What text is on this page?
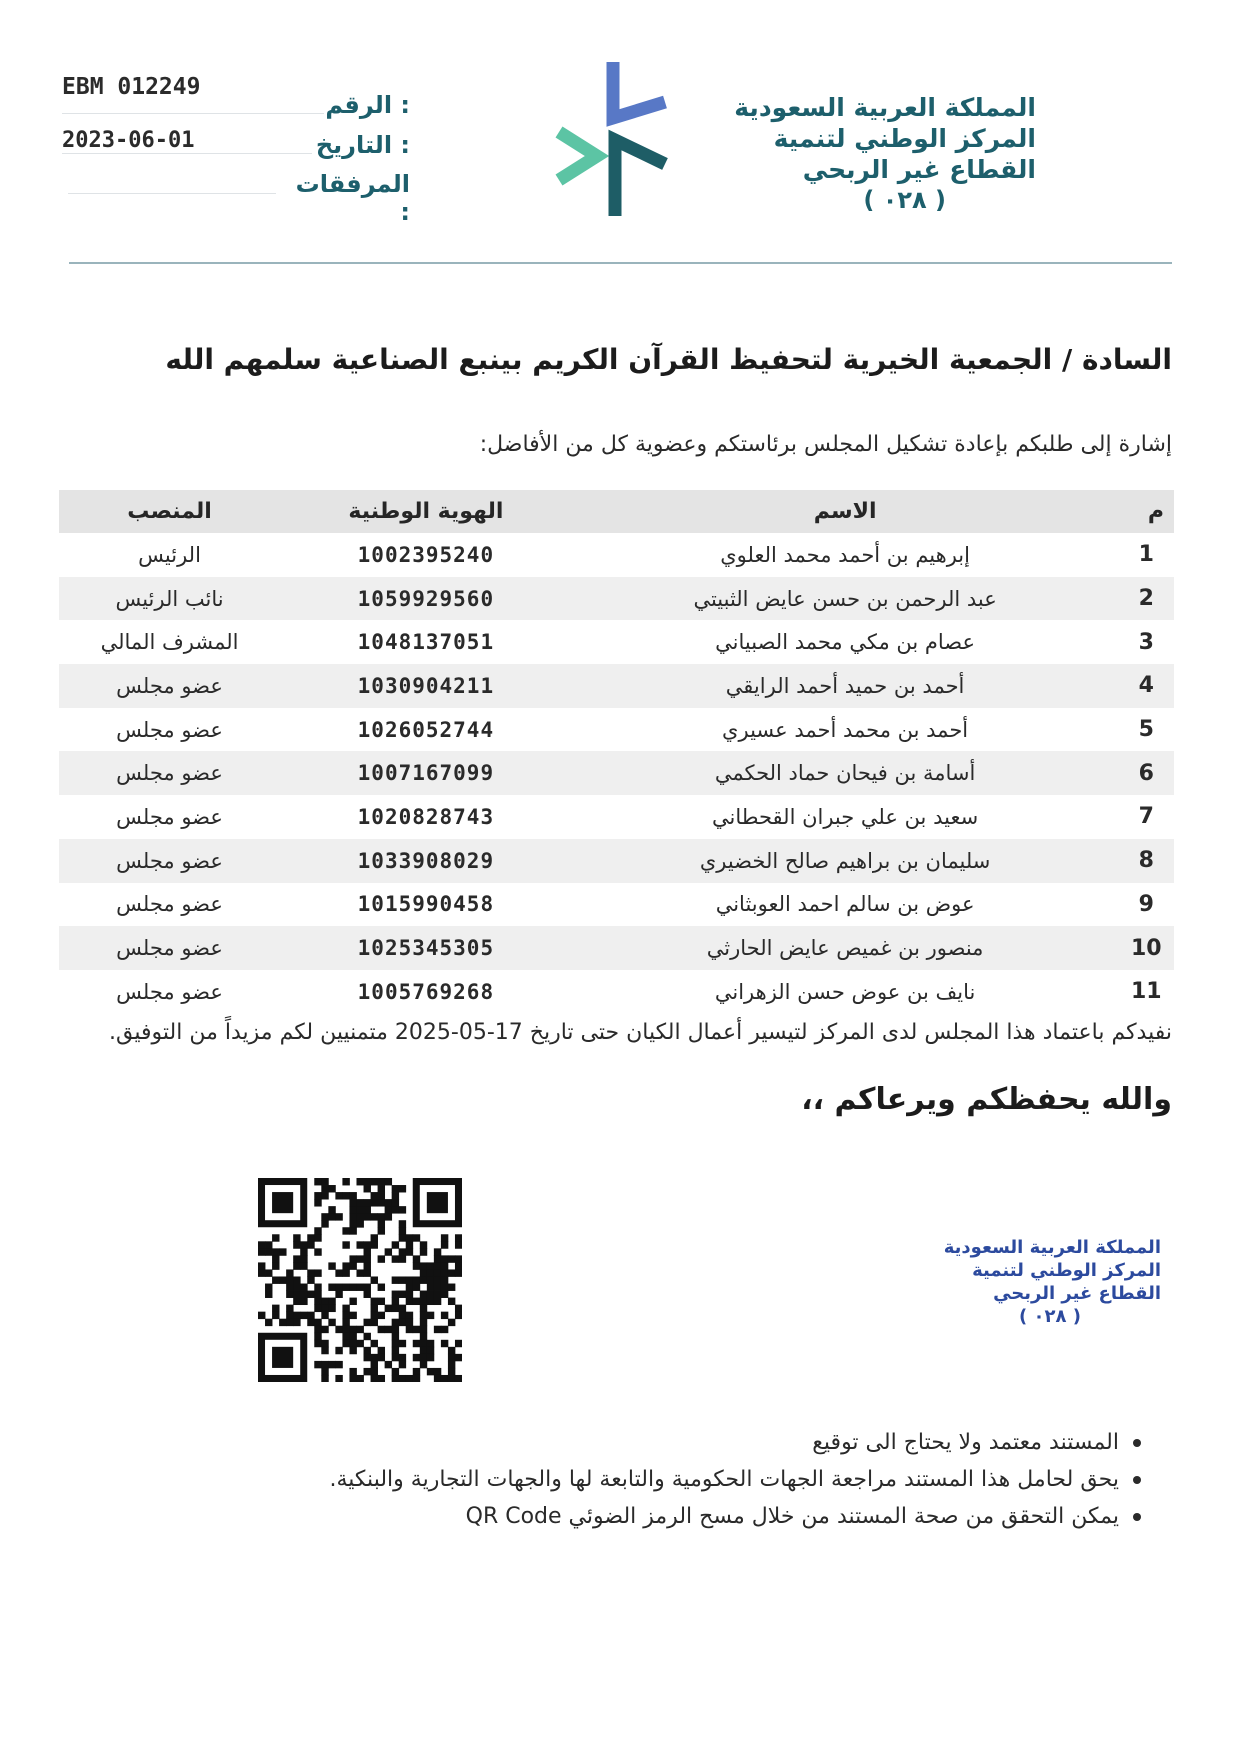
المملكة العربية السعودية
المركز الوطني لتنمية
القطاع غير الربحي
( ٠٢٨ )
EBM 012249
الرقم :
2023-06-01	التاريخ :
المرفقات :
السادة / الجمعية الخيرية لتحفيظ القرآن الكريم بينبع الصناعية سلمهم الله
إشارة إلى طلبكم بإعادة تشكيل المجلس برئاستكم وعضوية كل من الأفاضل:
م	الاسم	الهوية الوطنية	المنصب
1	إبرهيم بن أحمد محمد العلوي	1002395240	الرئيس
2	عبد الرحمن بن حسن عايض الثبيتي	1059929560	نائب الرئيس
3	عصام بن مكي محمد الصبياني	1048137051	المشرف المالي
4	أحمد بن حميد أحمد الرايقي	1030904211	عضو مجلس
5	أحمد بن محمد أحمد عسيري	1026052744	عضو مجلس
6	أسامة بن فيحان حماد الحكمي	1007167099	عضو مجلس
7	سعيد بن علي جبران القحطاني	1020828743	عضو مجلس
8	سليمان بن براهيم صالح الخضيري	1033908029	عضو مجلس
9	عوض بن سالم احمد العوبثاني	1015990458	عضو مجلس
10	منصور بن غميص عايض الحارثي	1025345305	عضو مجلس
11	نايف بن عوض حسن الزهراني	1005769268	عضو مجلس
نفيدكم باعتماد هذا المجلس لدى المركز لتيسير أعمال الكيان حتى تاريخ 17-05-2025 متمنيين لكم مزيداً من التوفيق.
والله يحفظكم ويرعاكم ،،
المملكة العربية السعودية
المركز الوطني لتنمية
القطاع غير الربحي
( ٠٢٨ )
المستند معتمد ولا يحتاج الى توقيع
يحق لحامل هذا المستند مراجعة الجهات الحكومية والتابعة لها والجهات التجارية والبنكية.
يمكن التحقق من صحة المستند من خلال مسح الرمز الضوئي QR Code
